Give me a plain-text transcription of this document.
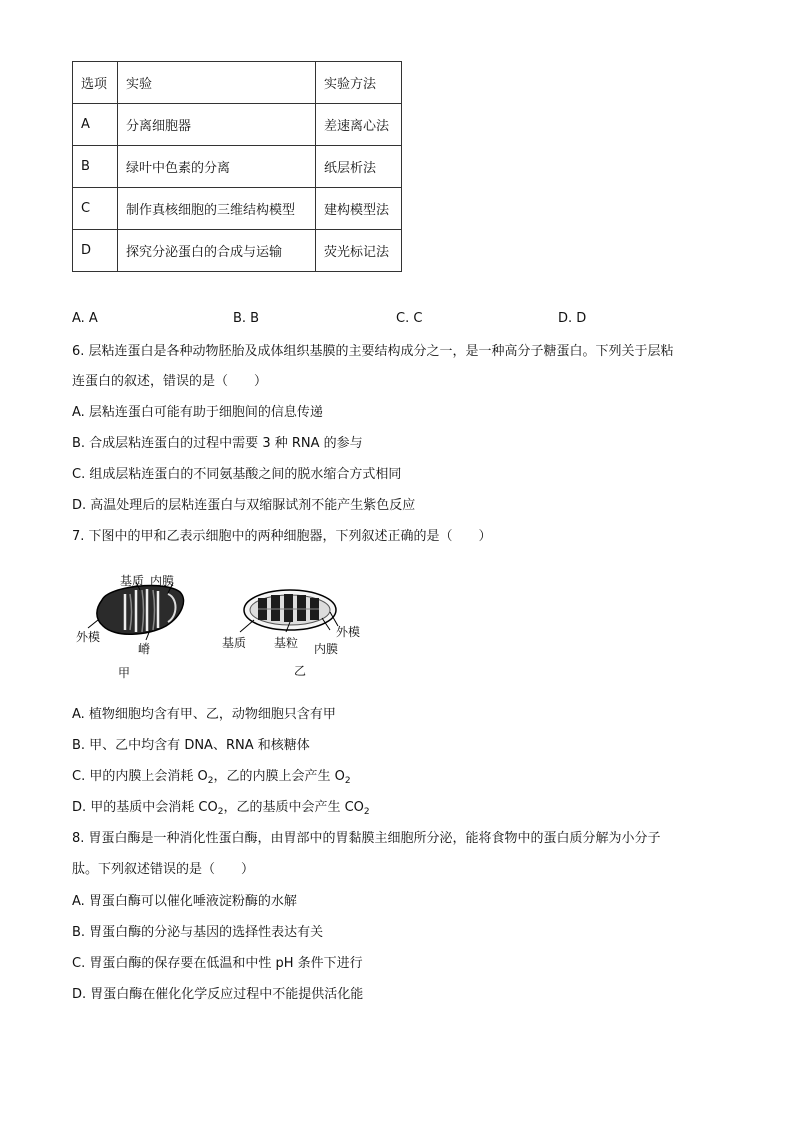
选项	实验	实验方法
A	分离细胞器	差速离心法
B	绿叶中色素的分离	纸层析法
C	制作真核细胞的三维结构模型	建构模型法
D	探究分泌蛋白的合成与运输	荧光标记法
A. A	B. B	C. C	D. D
6. 层粘连蛋白是各种动物胚胎及成体组织基膜的主要结构成分之一，是一种高分子糖蛋白。下列关于层粘
连蛋白的叙述，错误的是（　　）
A. 层粘连蛋白可能有助于细胞间的信息传递
B. 合成层粘连蛋白的过程中需要 3 种 RNA 的参与
C. 组成层粘连蛋白的不同氨基酸之间的脱水缩合方式相同
D. 高温处理后的层粘连蛋白与双缩脲试剂不能产生紫色反应
7. 下图中的甲和乙表示细胞中的两种细胞器，下列叙述正确的是（　　）
基质 内膜
外模
嵴
甲
基质 基粒
外模
内膜
乙
A. 植物细胞均含有甲、乙，动物细胞只含有甲
B. 甲、乙中均含有 DNA、RNA 和核糖体
C. 甲的内膜上会消耗 $O_2$，乙的内膜上会产生 $O_2$
D. 甲的基质中会消耗 $CO_2$，乙的基质中会产生 $CO_2$
8. 胃蛋白酶是一种消化性蛋白酶，由胃部中的胃黏膜主细胞所分泌，能将食物中的蛋白质分解为小分子
肽。下列叙述错误的是（　　）
A. 胃蛋白酶可以催化唾液淀粉酶的水解
B. 胃蛋白酶的分泌与基因的选择性表达有关
C. 胃蛋白酶的保存要在低温和中性 pH 条件下进行
D. 胃蛋白酶在催化化学反应过程中不能提供活化能
